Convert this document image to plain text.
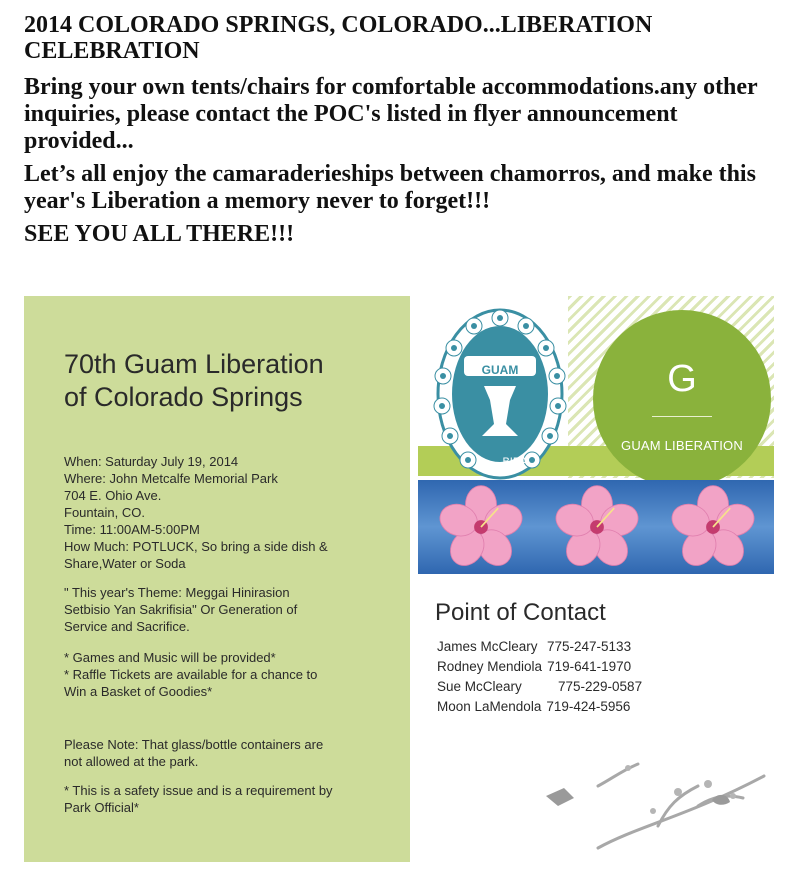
2014 COLORADO SPRINGS, COLORADO...LIBERATION CELEBRATION

Bring your own tents/chairs for comfortable accommodations.any other inquiries, please contact the POC's listed in flyer announcement provided...

Let’s all enjoy the camaraderieships between chamorros, and make this year's Liberation a memory never to forget!!!

SEE YOU ALL THERE!!!

70th Guam Liberation
of Colorado Springs
When: Saturday July 19, 2014
Where: John Metcalfe Memorial Park
704 E. Ohio Ave.
Fountain, CO.
Time: 11:00AM-5:00PM
How Much: POTLUCK, So bring a side dish &
Share,Water or Soda
" This year's Theme: Meggai Hinirasion
Setbisio Yan Sakrifisia" Or Generation of
Service and Sacrifice.
* Games and Music will be provided*
* Raffle Tickets are available for a chance to
Win a Basket of Goodies*
Please Note: That glass/bottle containers are
not allowed at the park.
* This is a safety issue and is a requirement by
Park Official*
GUAM
BIBA
G
GUAM LIBERATION
Point of Contact
James McCleary 775-247-5133
Rodney Mendiola 719-641-1970
Sue McCleary	775-229-0587
Moon LaMendola 719-424-5956
